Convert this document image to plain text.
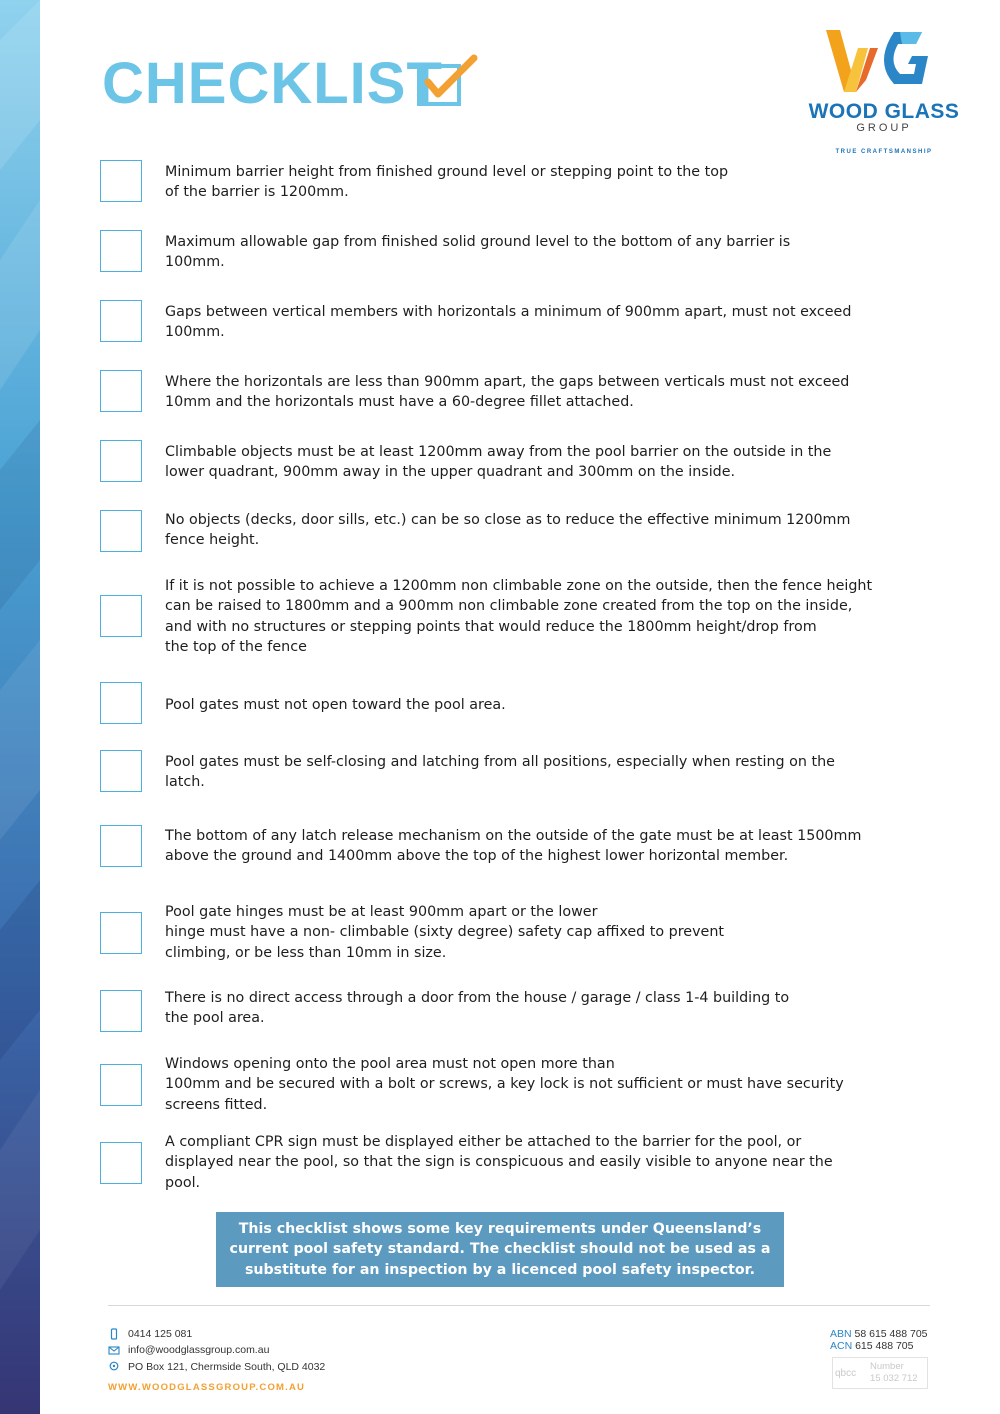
CHECKLIST	WOOD GLASS
GROUP
TRUE CRAFTSMANSHIP

Minimum barrier height from finished ground level or stepping point to the top
of the barrier is 1200mm.

Maximum allowable gap from finished solid ground level to the bottom of any barrier is
100mm.

Gaps between vertical members with horizontals a minimum of 900mm apart, must not exceed
100mm.

Where the horizontals are less than 900mm apart, the gaps between verticals must not exceed
10mm and the horizontals must have a 60-degree fillet attached.

Climbable objects must be at least 1200mm away from the pool barrier on the outside in the
lower quadrant, 900mm away in the upper quadrant and 300mm on the inside.

No objects (decks, door sills, etc.) can be so close as to reduce the effective minimum 1200mm
fence height.

If it is not possible to achieve a 1200mm non climbable zone on the outside, then the fence height
can be raised to 1800mm and a 900mm non climbable zone created from the top on the inside,
and with no structures or stepping points that would reduce the 1800mm height/drop from
the top of the fence

Pool gates must not open toward the pool area.

Pool gates must be self-closing and latching from all positions, especially when resting on the
latch.

The bottom of any latch release mechanism on the outside of the gate must be at least 1500mm
above the ground and 1400mm above the top of the highest lower horizontal member.

Pool gate hinges must be at least 900mm apart or the lower
hinge must have a non- climbable (sixty degree) safety cap affixed to prevent
climbing, or be less than 10mm in size.

There is no direct access through a door from the house / garage / class 1-4 building to
the pool area.

Windows opening onto the pool area must not open more than
100mm and be secured with a bolt or screws, a key lock is not sufficient or must have security
screens fitted.

A compliant CPR sign must be displayed either be attached to the barrier for the pool, or
displayed near the pool, so that the sign is conspicuous and easily visible to anyone near the
pool.

This checklist shows some key requirements under Queensland’s
current pool safety standard. The checklist should not be used as a
substitute for an inspection by a licenced pool safety inspector.
0414 125 081
info@woodglassgroup.com.au
PO Box 121, Chermside South, QLD 4032
WWW.WOODGLASSGROUP.COM.AU
ABN 58 615 488 705
ACN 615 488 705
qbcc
Number
15 032 712
